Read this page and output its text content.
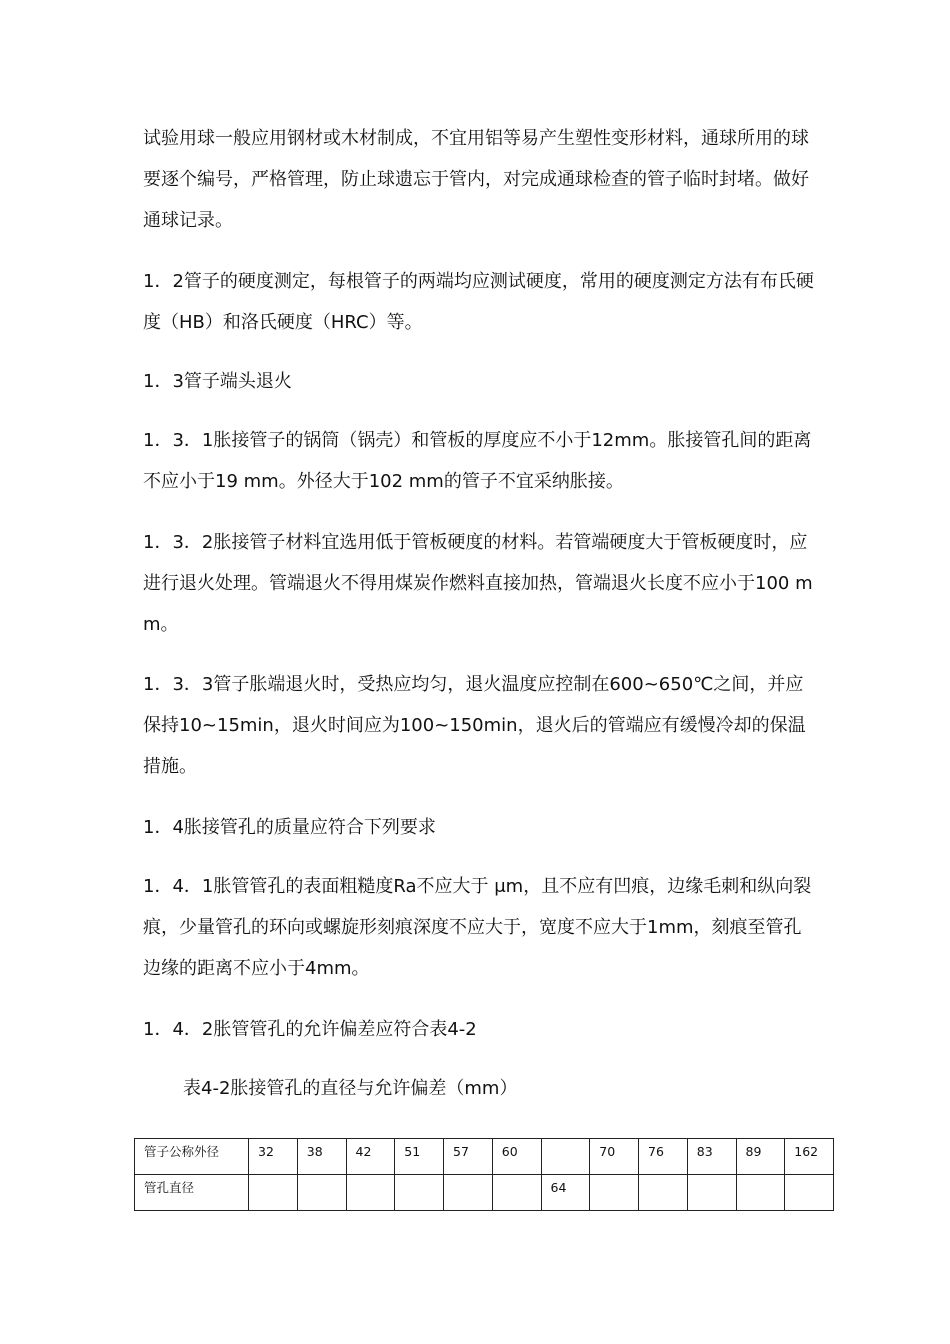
试验用球一般应用钢材或木材制成，不宜用铝等易产生塑性变形材料，通球所用的球要逐个编号，严格管理，防止球遗忘于管内，对完成通球检查的管子临时封堵。做好通球记录。

1．2管子的硬度测定，每根管子的两端均应测试硬度，常用的硬度测定方法有布氏硬度（HB）和洛氏硬度（HRC）等。

1．3管子端头退火

1．3．1胀接管子的锅筒（锅壳）和管板的厚度应不小于12mm。胀接管孔间的距离不应小于19 mm。外径大于102 mm的管子不宜采纳胀接。

1．3．2胀接管子材料宜选用低于管板硬度的材料。若管端硬度大于管板硬度时，应进行退火处理。管端退火不得用煤炭作燃料直接加热，管端退火长度不应小于100 mm。

1．3．3管子胀端退火时，受热应均匀，退火温度应控制在600~650℃之间，并应保持10~15min，退火时间应为100~150min，退火后的管端应有缓慢冷却的保温措施。

1．4胀接管孔的质量应符合下列要求

1．4．1胀管管孔的表面粗糙度Ra不应大于 μm，且不应有凹痕，边缘毛刺和纵向裂痕，少量管孔的环向或螺旋形刻痕深度不应大于，宽度不应大于1mm，刻痕至管孔边缘的距离不应小于4mm。

1．4．2胀管管孔的允许偏差应符合表4-2

表4-2胀接管孔的直径与允许偏差（mm）

管子公称外径	32	38	42	51	57	60		70	76	83	89	162
管孔直径							64					
